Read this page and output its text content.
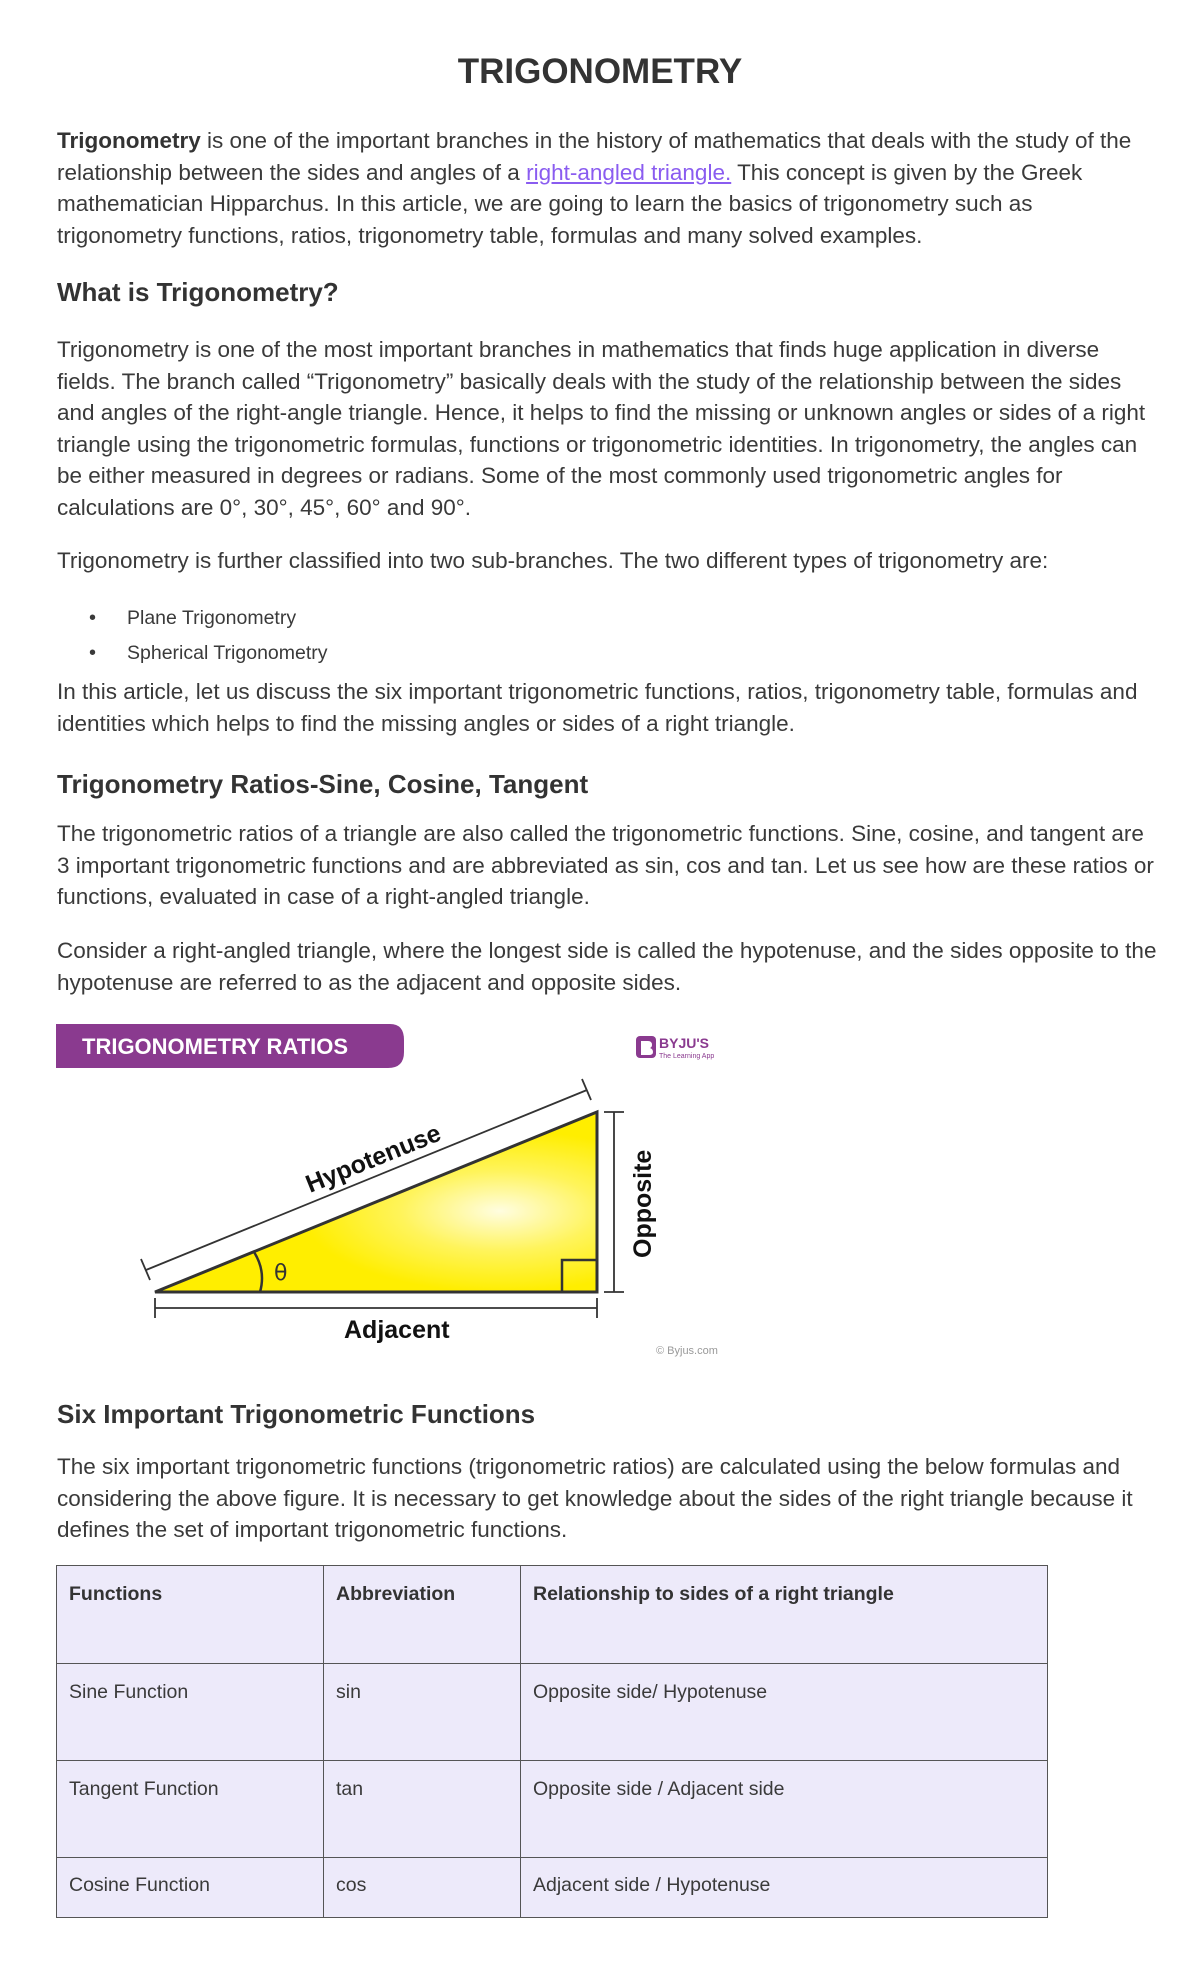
TRIGONOMETRY

Trigonometry is one of the important branches in the history of mathematics that deals with the study of the relationship between the sides and angles of a right-angled triangle. This concept is given by the Greek mathematician Hipparchus. In this article, we are going to learn the basics of trigonometry such as trigonometry functions, ratios, trigonometry table, formulas and many solved examples.

What is Trigonometry?

Trigonometry is one of the most important branches in mathematics that finds huge application in diverse fields. The branch called “Trigonometry” basically deals with the study of the relationship between the sides and angles of the right-angle triangle. Hence, it helps to find the missing or unknown angles or sides of a right triangle using the trigonometric formulas, functions or trigonometric identities. In trigonometry, the angles can be either measured in degrees or radians. Some of the most commonly used trigonometric angles for calculations are 0°, 30°, 45°, 60° and 90°.

Trigonometry is further classified into two sub-branches. The two different types of trigonometry are:

• Plane Trigonometry
• Spherical Trigonometry

In this article, let us discuss the six important trigonometric functions, ratios, trigonometry table, formulas and identities which helps to find the missing angles or sides of a right triangle.

Trigonometry Ratios-Sine, Cosine, Tangent

The trigonometric ratios of a triangle are also called the trigonometric functions. Sine, cosine, and tangent are 3 important trigonometric functions and are abbreviated as sin, cos and tan. Let us see how are these ratios or functions, evaluated in case of a right-angled triangle.

Consider a right-angled triangle, where the longest side is called the hypotenuse, and the sides opposite to the hypotenuse are referred to as the adjacent and opposite sides.

TRIGONOMETRY RATIOS	BYJU'S
The Learning App
θ
Hypotenuse	Opposite
Adjacent
© Byjus.com
Six Important Trigonometric Functions

The six important trigonometric functions (trigonometric ratios) are calculated using the below formulas and considering the above figure. It is necessary to get knowledge about the sides of the right triangle because it defines the set of important trigonometric functions.

Functions	Abbreviation	Relationship to sides of a right triangle
Sine Function	sin	Opposite side/ Hypotenuse
Tangent Function	tan	Opposite side / Adjacent side
Cosine Function	cos	Adjacent side / Hypotenuse
